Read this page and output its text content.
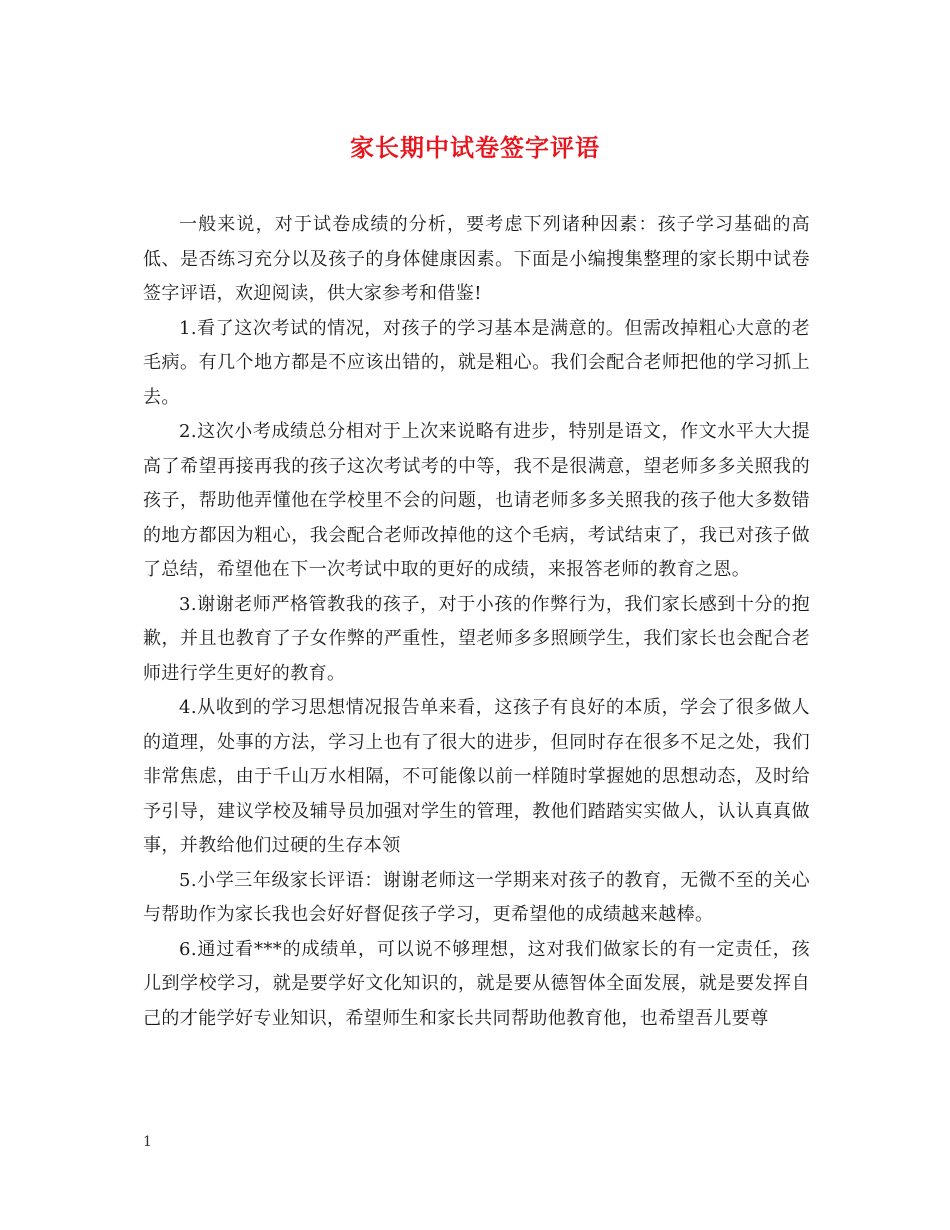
家长期中试卷签字评语

一般来说，对于试卷成绩的分析，要考虑下列诸种因素：孩子学习基础的高低、是否练习充分以及孩子的身体健康因素。下面是小编搜集整理的家长期中试卷签字评语，欢迎阅读，供大家参考和借鉴!

1.看了这次考试的情况，对孩子的学习基本是满意的。但需改掉粗心大意的老毛病。有几个地方都是不应该出错的，就是粗心。我们会配合老师把他的学习抓上去。

2.这次小考成绩总分相对于上次来说略有进步，特别是语文，作文水平大大提高了希望再接再我的孩子这次考试考的中等，我不是很满意，望老师多多关照我的孩子，帮助他弄懂他在学校里不会的问题，也请老师多多关照我的孩子他大多数错的地方都因为粗心，我会配合老师改掉他的这个毛病，考试结束了，我已对孩子做了总结，希望他在下一次考试中取的更好的成绩，来报答老师的教育之恩。

3.谢谢老师严格管教我的孩子，对于小孩的作弊行为，我们家长感到十分的抱歉，并且也教育了子女作弊的严重性，望老师多多照顾学生，我们家长也会配合老师进行学生更好的教育。

4.从收到的学习思想情况报告单来看，这孩子有良好的本质，学会了很多做人的道理，处事的方法，学习上也有了很大的进步，但同时存在很多不足之处，我们非常焦虑，由于千山万水相隔，不可能像以前一样随时掌握她的思想动态，及时给予引导，建议学校及辅导员加强对学生的管理，教他们踏踏实实做人，认认真真做事，并教给他们过硬的生存本领

5.小学三年级家长评语：谢谢老师这一学期来对孩子的教育，无微不至的关心与帮助作为家长我也会好好督促孩子学习，更希望他的成绩越来越棒。

6.通过看***的成绩单，可以说不够理想，这对我们做家长的有一定责任，孩儿到学校学习，就是要学好文化知识的，就是要从德智体全面发展，就是要发挥自己的才能学好专业知识，希望师生和家长共同帮助他教育他，也希望吾儿要尊

1
